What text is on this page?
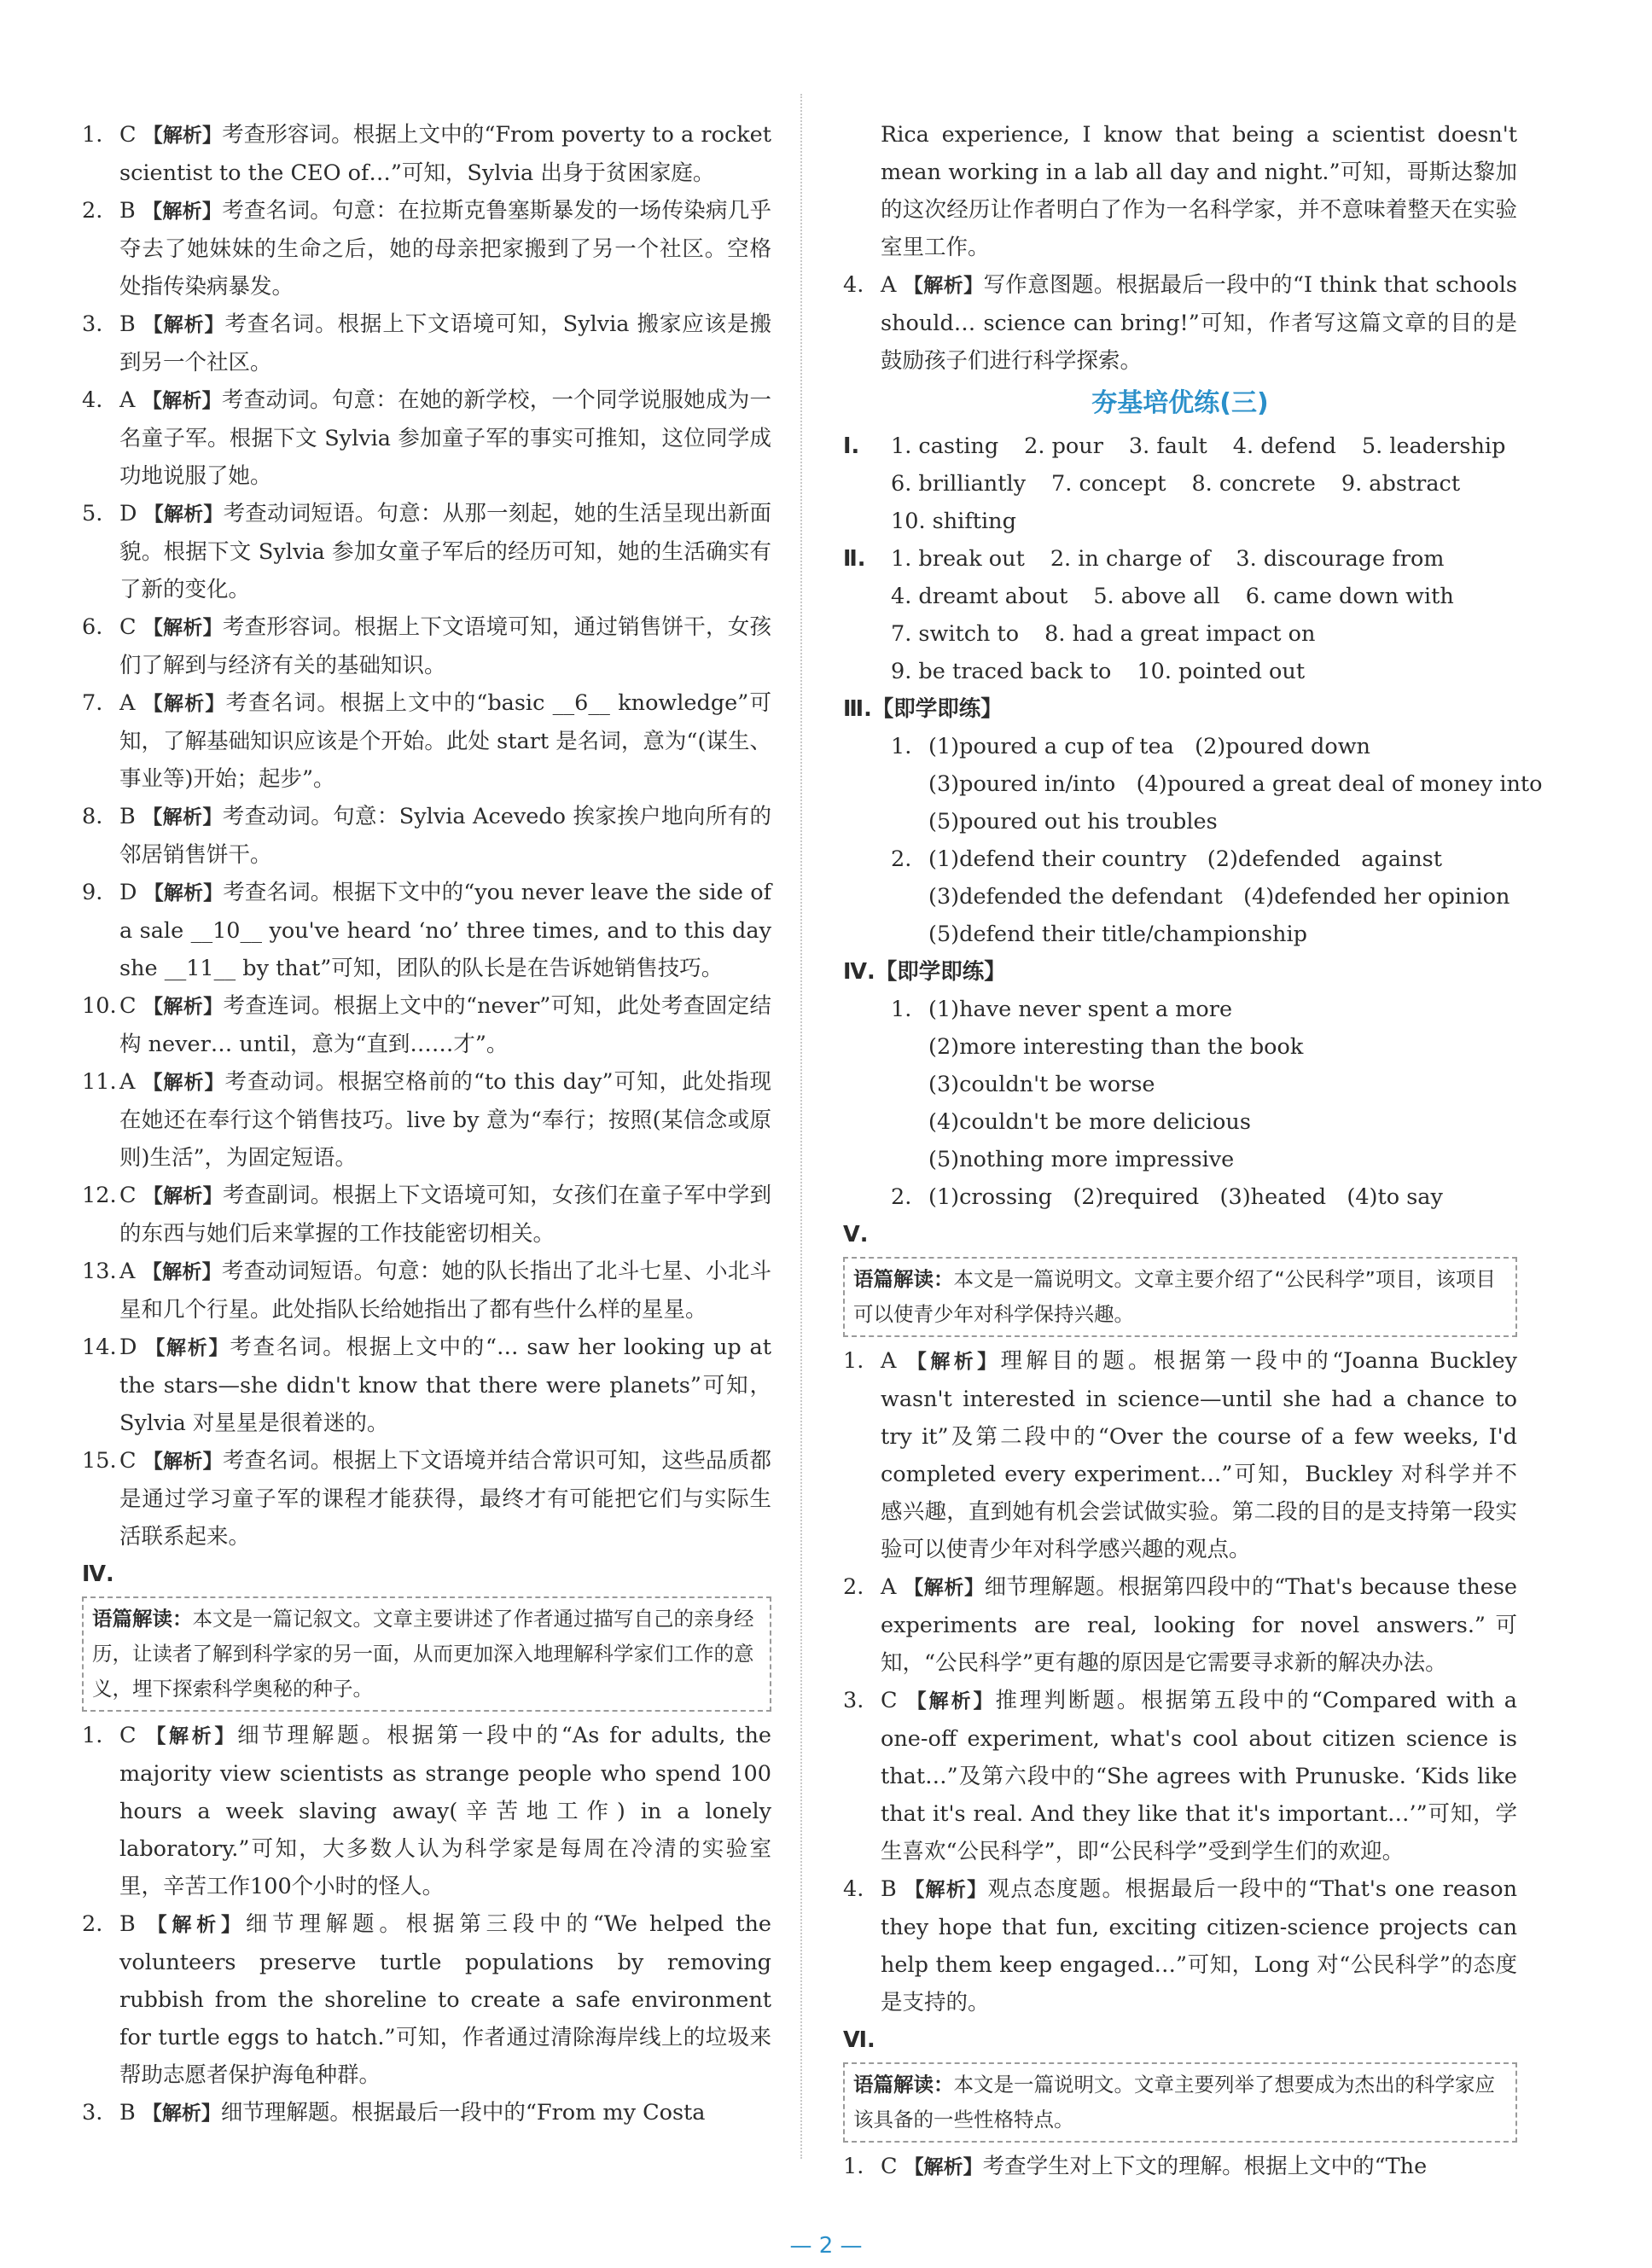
1. C 【解析】考查形容词。根据上文中的“From poverty to a rocket scientist to the CEO of…”可知，Sylvia 出身于贫困家庭。
2. B 【解析】考查名词。句意：在拉斯克鲁塞斯暴发的一场传染病几乎夺去了她妹妹的生命之后，她的母亲把家搬到了另一个社区。空格处指传染病暴发。
3. B 【解析】考查名词。根据上下文语境可知，Sylvia 搬家应该是搬到另一个社区。
4. A 【解析】考查动词。句意：在她的新学校，一个同学说服她成为一名童子军。根据下文 Sylvia 参加童子军的事实可推知，这位同学成功地说服了她。
5. D 【解析】考查动词短语。句意：从那一刻起，她的生活呈现出新面貌。根据下文 Sylvia 参加女童子军后的经历可知，她的生活确实有了新的变化。
6. C 【解析】考查形容词。根据上下文语境可知，通过销售饼干，女孩们了解到与经济有关的基础知识。
7. A 【解析】考查名词。根据上文中的“basic __6__ knowledge”可知，了解基础知识应该是个开始。此处 start 是名词，意为“(谋生、事业等)开始；起步”。
8. B 【解析】考查动词。句意：Sylvia Acevedo 挨家挨户地向所有的邻居销售饼干。
9. D 【解析】考查名词。根据下文中的“you never leave the side of a sale __10__ you've heard ‘no’ three times, and to this day she __11__ by that”可知，团队的队长是在告诉她销售技巧。
10. C 【解析】考查连词。根据上文中的“never”可知，此处考查固定结构 never… until，意为“直到……才”。
11. A 【解析】考查动词。根据空格前的“to this day”可知，此处指现在她还在奉行这个销售技巧。live by 意为“奉行；按照(某信念或原则)生活”，为固定短语。
12. C 【解析】考查副词。根据上下文语境可知，女孩们在童子军中学到的东西与她们后来掌握的工作技能密切相关。
13. A 【解析】考查动词短语。句意：她的队长指出了北斗七星、小北斗星和几个行星。此处指队长给她指出了都有些什么样的星星。
14. D 【解析】考查名词。根据上文中的“… saw her looking up at the stars—she didn't know that there were planets”可知，Sylvia 对星星是很着迷的。
15. C 【解析】考查名词。根据上下文语境并结合常识可知，这些品质都是通过学习童子军的课程才能获得，最终才有可能把它们与实际生活联系起来。
Ⅳ.
语篇解读：本文是一篇记叙文。文章主要讲述了作者通过描写自己的亲身经历，让读者了解到科学家的另一面，从而更加深入地理解科学家们工作的意义，埋下探索科学奥秘的种子。
1. C 【解析】细节理解题。根据第一段中的“As for adults, the majority view scientists as strange people who spend 100 hours a week slaving away(辛苦地工作) in a lonely laboratory.”可知，大多数人认为科学家是每周在冷清的实验室里，辛苦工作100个小时的怪人。
2. B 【解析】细节理解题。根据第三段中的“We helped the volunteers preserve turtle populations by removing rubbish from the shoreline to create a safe environment for turtle eggs to hatch.”可知，作者通过清除海岸线上的垃圾来帮助志愿者保护海龟种群。
3. B 【解析】细节理解题。根据最后一段中的“From my Costa
Rica experience, I know that being a scientist doesn't mean working in a lab all day and night.”可知，哥斯达黎加的这次经历让作者明白了作为一名科学家，并不意味着整天在实验室里工作。
4. A 【解析】写作意图题。根据最后一段中的“I think that schools should… science can bring!”可知，作者写这篇文章的目的是鼓励孩子们进行科学探索。
夯基培优练(三)
Ⅰ. 1. casting 2. pour 3. fault 4. defend 5. leadership
6. brilliantly 7. concept 8. concrete 9. abstract
10. shifting
Ⅱ. 1. break out 2. in charge of 3. discourage from
4. dreamt about 5. above all 6. came down with
7. switch to 8. had a great impact on
9. be traced back to 10. pointed out
Ⅲ.【即学即练】
1. (1)poured a cup of tea   (2)poured down
(3)poured in/into   (4)poured a great deal of money into
(5)poured out his troubles
2. (1)defend their country   (2)defended   against
(3)defended the defendant   (4)defended her opinion
(5)defend their title/championship
Ⅳ.【即学即练】
1. (1)have never spent a more
(2)more interesting than the book
(3)couldn't be worse
(4)couldn't be more delicious
(5)nothing more impressive
2. (1)crossing   (2)required   (3)heated   (4)to say
Ⅴ.
语篇解读：本文是一篇说明文。文章主要介绍了“公民科学”项目，该项目可以使青少年对科学保持兴趣。
1. A 【解析】理解目的题。根据第一段中的“Joanna Buckley wasn't interested in science—until she had a chance to try it”及第二段中的“Over the course of a few weeks, I'd completed every experiment…”可知，Buckley 对科学并不感兴趣，直到她有机会尝试做实验。第二段的目的是支持第一段实验可以使青少年对科学感兴趣的观点。
2. A 【解析】细节理解题。根据第四段中的“That's because these experiments are real, looking for novel answers.”可知，“公民科学”更有趣的原因是它需要寻求新的解决办法。
3. C 【解析】推理判断题。根据第五段中的“Compared with a one-off experiment, what's cool about citizen science is that…”及第六段中的“She agrees with Prunuske. ‘Kids like that it's real. And they like that it's important…’”可知，学生喜欢“公民科学”，即“公民科学”受到学生们的欢迎。
4. B 【解析】观点态度题。根据最后一段中的“That's one reason they hope that fun, exciting citizen-science projects can help them keep engaged…”可知，Long 对“公民科学”的态度是支持的。
Ⅵ.
语篇解读：本文是一篇说明文。文章主要列举了想要成为杰出的科学家应该具备的一些性格特点。
1. C 【解析】考查学生对上下文的理解。根据上文中的“The
— 2 —
